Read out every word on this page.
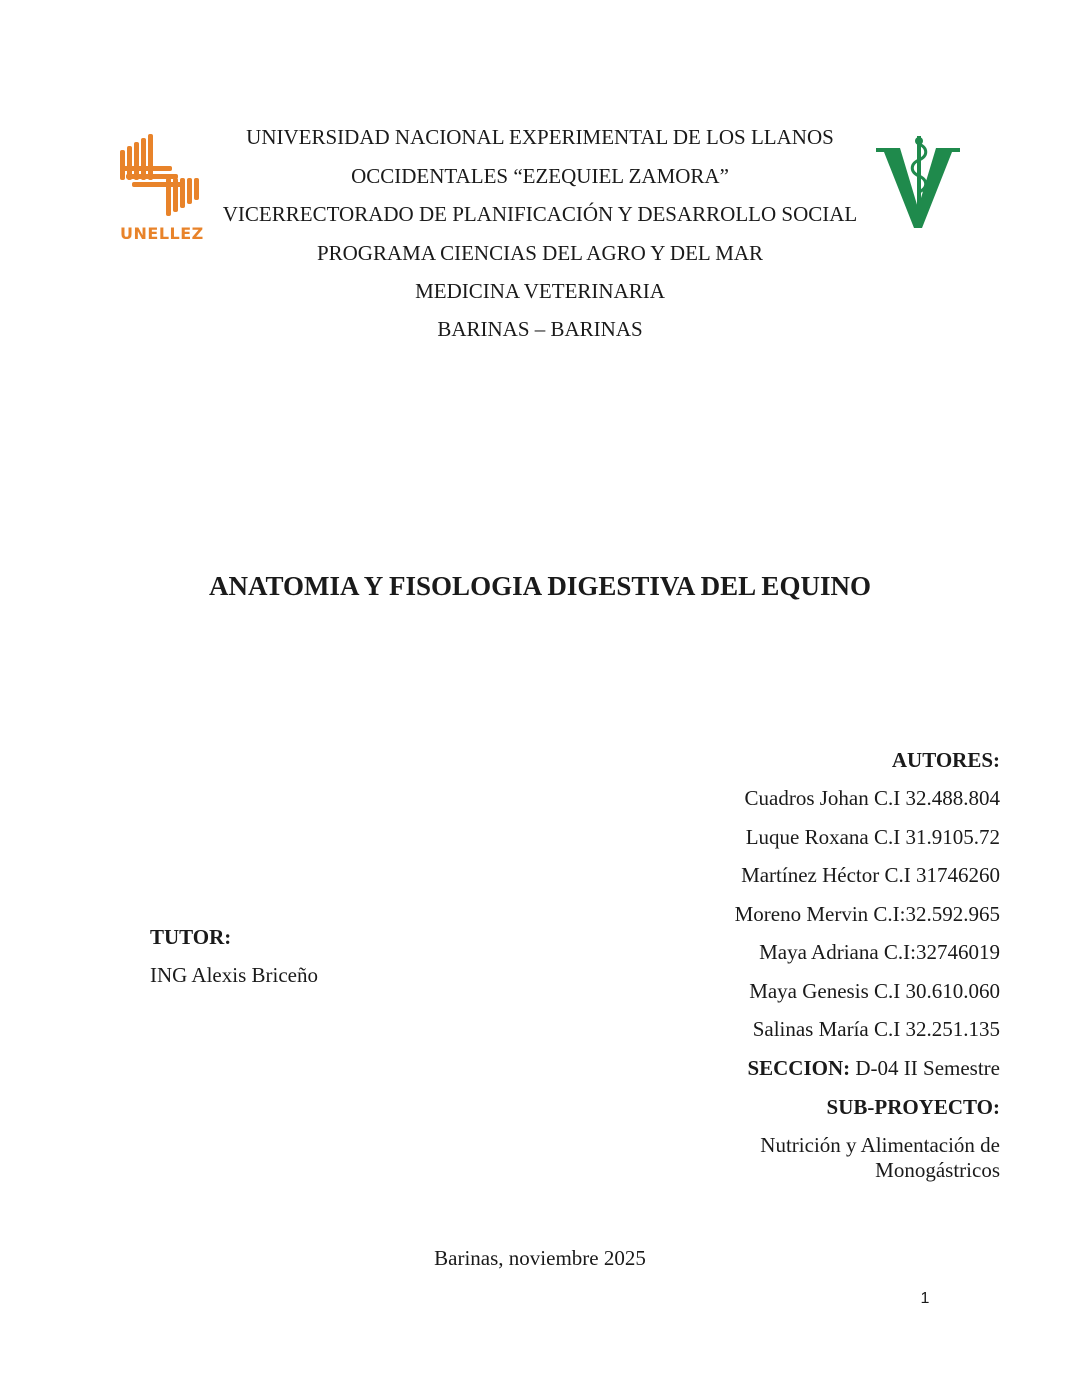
UNELLEZ
UNIVERSIDAD NACIONAL EXPERIMENTAL DE LOS LLANOS
OCCIDENTALES “EZEQUIEL ZAMORA”
VICERRECTORADO DE PLANIFICACIÓN Y DESARROLLO SOCIAL
PROGRAMA CIENCIAS DEL AGRO Y DEL MAR
MEDICINA VETERINARIA
BARINAS – BARINAS
ANATOMIA Y FISOLOGIA DIGESTIVA DEL EQUINO
AUTORES:
Cuadros Johan C.I 32.488.804
Luque Roxana C.I 31.9105.72
Martínez Héctor C.I 31746260
Moreno Mervin C.I:32.592.965
Maya Adriana C.I:32746019
Maya Genesis C.I 30.610.060
Salinas María C.I 32.251.135
SECCION: D-04 II Semestre
SUB-PROYECTO:
Nutrición y Alimentación de
Monogástricos
TUTOR:
ING Alexis Briceño
Barinas, noviembre 2025
1
